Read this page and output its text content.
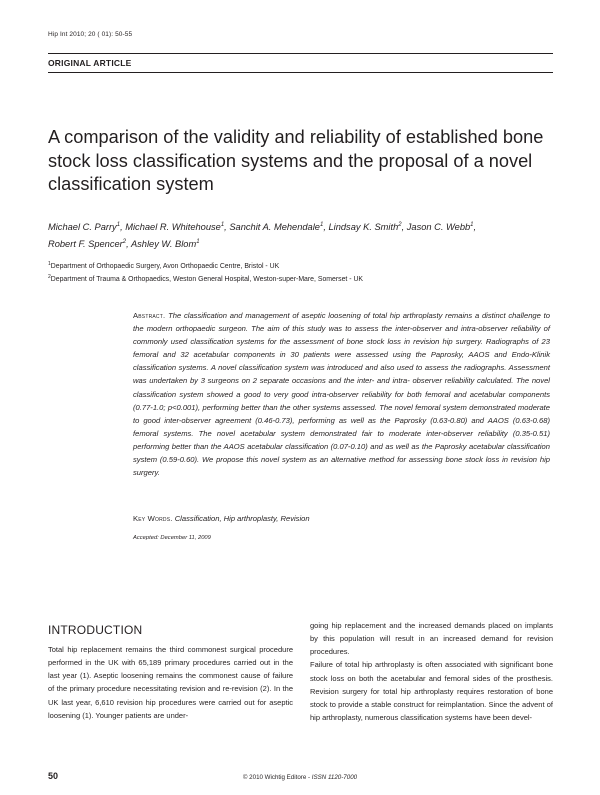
Hip Int 2010; 20 ( 01): 50-55
ORIGINAL ARTICLE
A comparison of the validity and reliability of established bone stock loss classification systems and the proposal of a novel classification system
Michael C. Parry$^1$, Michael R. Whitehouse$^1$, Sanchit A. Mehendale$^1$, Lindsay K. Smith$^2$, Jason C. Webb$^1$,
Robert F. Spencer$^2$, Ashley W. Blom$^1$
$^1$Department of Orthopaedic Surgery, Avon Orthopaedic Centre, Bristol - UK
$^2$Department of Trauma & Orthopaedics, Weston General Hospital, Weston-super-Mare, Somerset - UK

Abstract. The classification and management of aseptic loosening of total hip arthroplasty remains a distinct challenge to the modern orthopaedic surgeon. The aim of this study was to assess the inter-observer and intra-observer reliability of commonly used classification systems for the assessment of bone stock loss in revision hip surgery. Radiographs of 23 femoral and 32 acetabular components in 30 patients were assessed using the Paprosky, AAOS and Endo-Klinik classification systems. A novel classification system was introduced and also used to assess the radiographs. Assessment was undertaken by 3 surgeons on 2 separate occasions and the inter- and intra- observer reliability calculated. The novel classification system showed a good to very good intra-observer reliability for both femoral and acetabular components (0.77-1.0; p<0.001), performing better than the other systems assessed. The novel femoral system demonstrated moderate to good inter-observer agreement (0.46-0.73), performing as well as the Paprosky (0.63-0.80) and AAOS (0.63-0.68) femoral systems. The novel acetabular system demonstrated fair to moderate inter-observer reliability (0.35-0.51) performing better than the AAOS acetabular classification (0.07-0.10) and as well as the Paprosky acetabular classification system (0.59-0.60). We propose this novel system as an alternative method for assessing bone stock loss in revision hip surgery.

Key Words. Classification, Hip arthroplasty, Revision
Accepted: December 11, 2009
INTRODUCTION

Total hip replacement remains the third commonest surgical procedure performed in the UK with 65,189 primary procedures carried out in the last year (1). Aseptic loosening remains the commonest cause of failure of the primary procedure necessitating revision and re-revision (2). In the UK last year, 6,610 revision hip procedures were carried out for aseptic loosening (1). Younger patients are under-

going hip replacement and the increased demands placed on implants by this population will result in an increased demand for revision procedures.

Failure of total hip arthroplasty is often associated with significant bone stock loss on both the acetabular and femoral sides of the prosthesis. Revision surgery for total hip arthroplasty requires restoration of bone stock to provide a stable construct for reimplantation. Since the advent of hip arthroplasty, numerous classification systems have been devel-

50	© 2010 Wichtig Editore - ISSN 1120-7000
